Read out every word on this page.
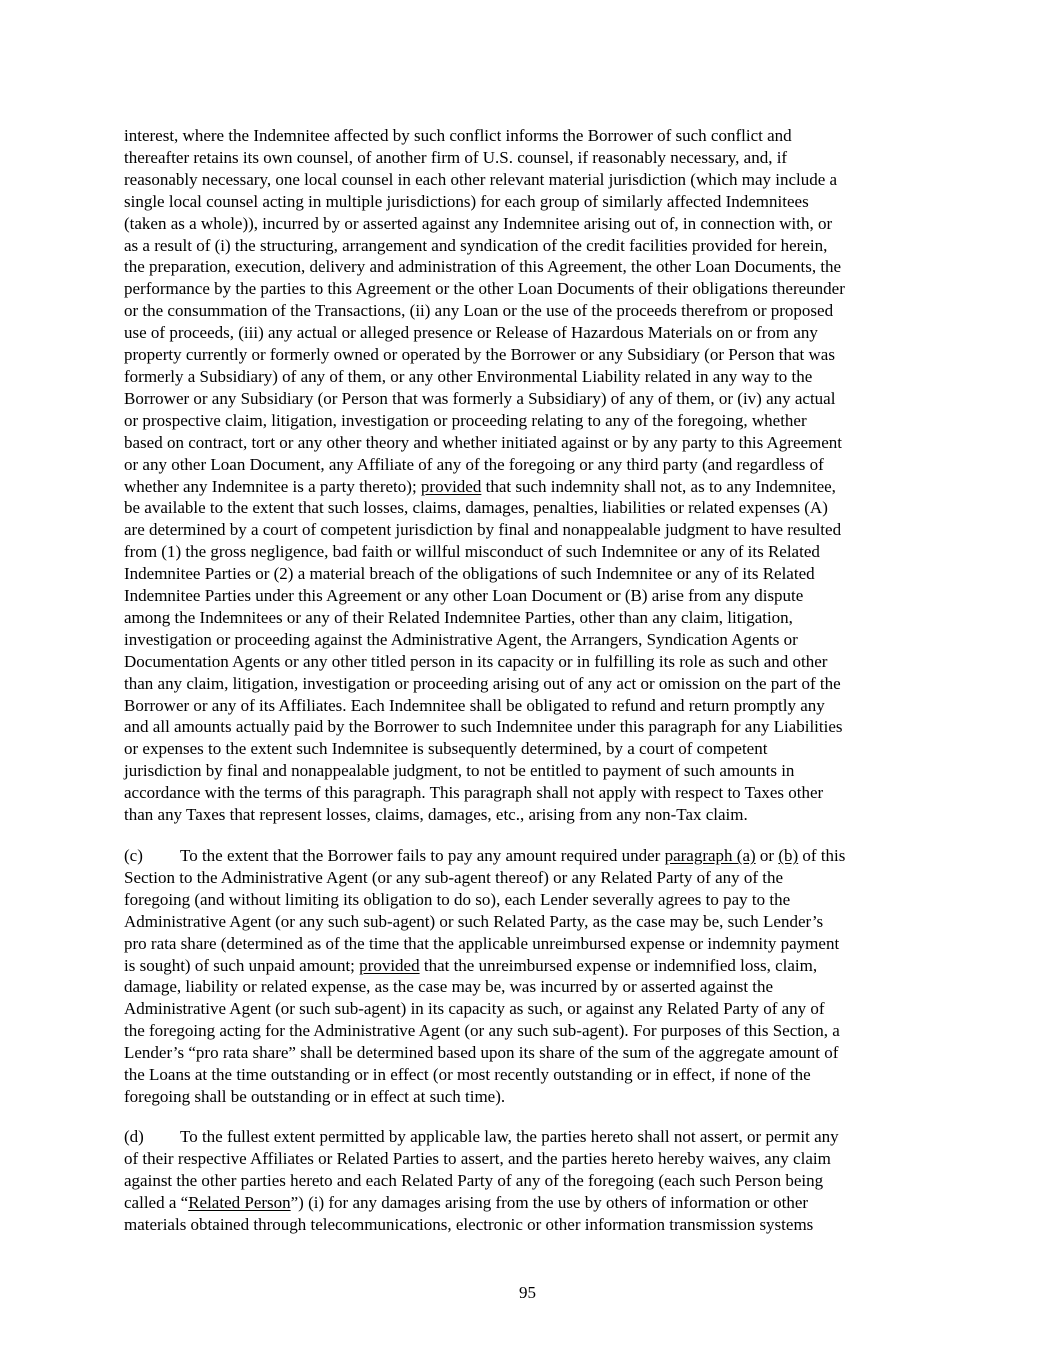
interest, where the Indemnitee affected by such conflict informs the Borrower of such conflict and
thereafter retains its own counsel, of another firm of U.S. counsel, if reasonably necessary, and, if
reasonably necessary, one local counsel in each other relevant material jurisdiction (which may include a
single local counsel acting in multiple jurisdictions) for each group of similarly affected Indemnitees
(taken as a whole)), incurred by or asserted against any Indemnitee arising out of, in connection with, or
as a result of (i) the structuring, arrangement and syndication of the credit facilities provided for herein,
the preparation, execution, delivery and administration of this Agreement, the other Loan Documents, the
performance by the parties to this Agreement or the other Loan Documents of their obligations thereunder
or the consummation of the Transactions, (ii) any Loan or the use of the proceeds therefrom or proposed
use of proceeds, (iii) any actual or alleged presence or Release of Hazardous Materials on or from any
property currently or formerly owned or operated by the Borrower or any Subsidiary (or Person that was
formerly a Subsidiary) of any of them, or any other Environmental Liability related in any way to the
Borrower or any Subsidiary (or Person that was formerly a Subsidiary) of any of them, or (iv) any actual
or prospective claim, litigation, investigation or proceeding relating to any of the foregoing, whether
based on contract, tort or any other theory and whether initiated against or by any party to this Agreement
or any other Loan Document, any Affiliate of any of the foregoing or any third party (and regardless of
whether any Indemnitee is a party thereto); provided that such indemnity shall not, as to any Indemnitee,
be available to the extent that such losses, claims, damages, penalties, liabilities or related expenses (A)
are determined by a court of competent jurisdiction by final and nonappealable judgment to have resulted
from (1) the gross negligence, bad faith or willful misconduct of such Indemnitee or any of its Related
Indemnitee Parties or (2) a material breach of the obligations of such Indemnitee or any of its Related
Indemnitee Parties under this Agreement or any other Loan Document or (B) arise from any dispute
among the Indemnitees or any of their Related Indemnitee Parties, other than any claim, litigation,
investigation or proceeding against the Administrative Agent, the Arrangers, Syndication Agents or
Documentation Agents or any other titled person in its capacity or in fulfilling its role as such and other
than any claim, litigation, investigation or proceeding arising out of any act or omission on the part of the
Borrower or any of its Affiliates. Each Indemnitee shall be obligated to refund and return promptly any
and all amounts actually paid by the Borrower to such Indemnitee under this paragraph for any Liabilities
or expenses to the extent such Indemnitee is subsequently determined, by a court of competent
jurisdiction by final and nonappealable judgment, to not be entitled to payment of such amounts in
accordance with the terms of this paragraph. This paragraph shall not apply with respect to Taxes other
than any Taxes that represent losses, claims, damages, etc., arising from any non-Tax claim.
(c) To the extent that the Borrower fails to pay any amount required under paragraph (a) or (b) of this
Section to the Administrative Agent (or any sub-agent thereof) or any Related Party of any of the
foregoing (and without limiting its obligation to do so), each Lender severally agrees to pay to the
Administrative Agent (or any such sub-agent) or such Related Party, as the case may be, such Lender’s
pro rata share (determined as of the time that the applicable unreimbursed expense or indemnity payment
is sought) of such unpaid amount; provided that the unreimbursed expense or indemnified loss, claim,
damage, liability or related expense, as the case may be, was incurred by or asserted against the
Administrative Agent (or such sub-agent) in its capacity as such, or against any Related Party of any of
the foregoing acting for the Administrative Agent (or any such sub-agent). For purposes of this Section, a
Lender’s “pro rata share” shall be determined based upon its share of the sum of the aggregate amount of
the Loans at the time outstanding or in effect (or most recently outstanding or in effect, if none of the
foregoing shall be outstanding or in effect at such time).
(d) To the fullest extent permitted by applicable law, the parties hereto shall not assert, or permit any
of their respective Affiliates or Related Parties to assert, and the parties hereto hereby waives, any claim
against the other parties hereto and each Related Party of any of the foregoing (each such Person being
called a “Related Person”) (i) for any damages arising from the use by others of information or other
materials obtained through telecommunications, electronic or other information transmission systems
95
